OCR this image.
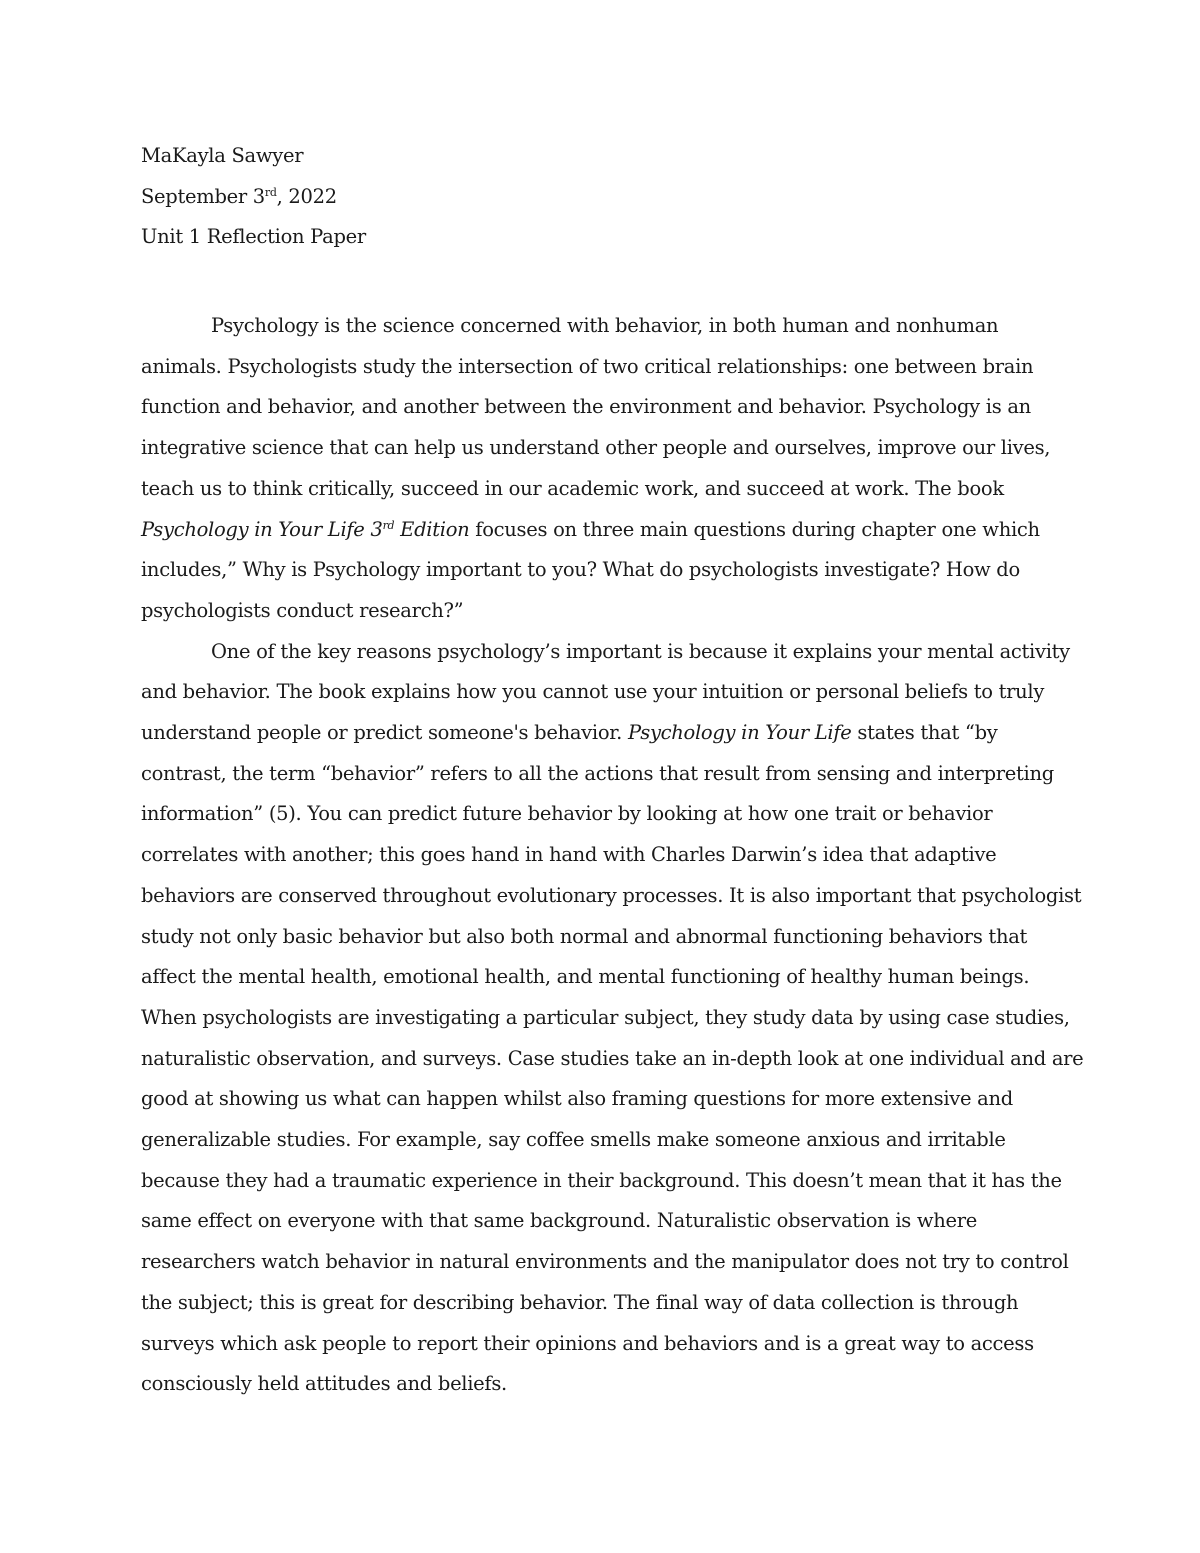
MaKayla Sawyer
September 3rd, 2022
Unit 1 Reflection Paper
Psychology is the science concerned with behavior, in both human and nonhuman
animals. Psychologists study the intersection of two critical relationships: one between brain
function and behavior, and another between the environment and behavior. Psychology is an
integrative science that can help us understand other people and ourselves, improve our lives,
teach us to think critically, succeed in our academic work, and succeed at work. The book
Psychology in Your Life 3rd Edition focuses on three main questions during chapter one which
includes,” Why is Psychology important to you? What do psychologists investigate? How do
psychologists conduct research?”
One of the key reasons psychology’s important is because it explains your mental activity
and behavior. The book explains how you cannot use your intuition or personal beliefs to truly
understand people or predict someone's behavior. Psychology in Your Life states that “by
contrast, the term “behavior” refers to all the actions that result from sensing and interpreting
information” (5). You can predict future behavior by looking at how one trait or behavior
correlates with another; this goes hand in hand with Charles Darwin’s idea that adaptive
behaviors are conserved throughout evolutionary processes. It is also important that psychologist
study not only basic behavior but also both normal and abnormal functioning behaviors that
affect the mental health, emotional health, and mental functioning of healthy human beings.
When psychologists are investigating a particular subject, they study data by using case studies,
naturalistic observation, and surveys. Case studies take an in-depth look at one individual and are
good at showing us what can happen whilst also framing questions for more extensive and
generalizable studies. For example, say coffee smells make someone anxious and irritable
because they had a traumatic experience in their background. This doesn’t mean that it has the
same effect on everyone with that same background. Naturalistic observation is where
researchers watch behavior in natural environments and the manipulator does not try to control
the subject; this is great for describing behavior. The final way of data collection is through
surveys which ask people to report their opinions and behaviors and is a great way to access
consciously held attitudes and beliefs.
